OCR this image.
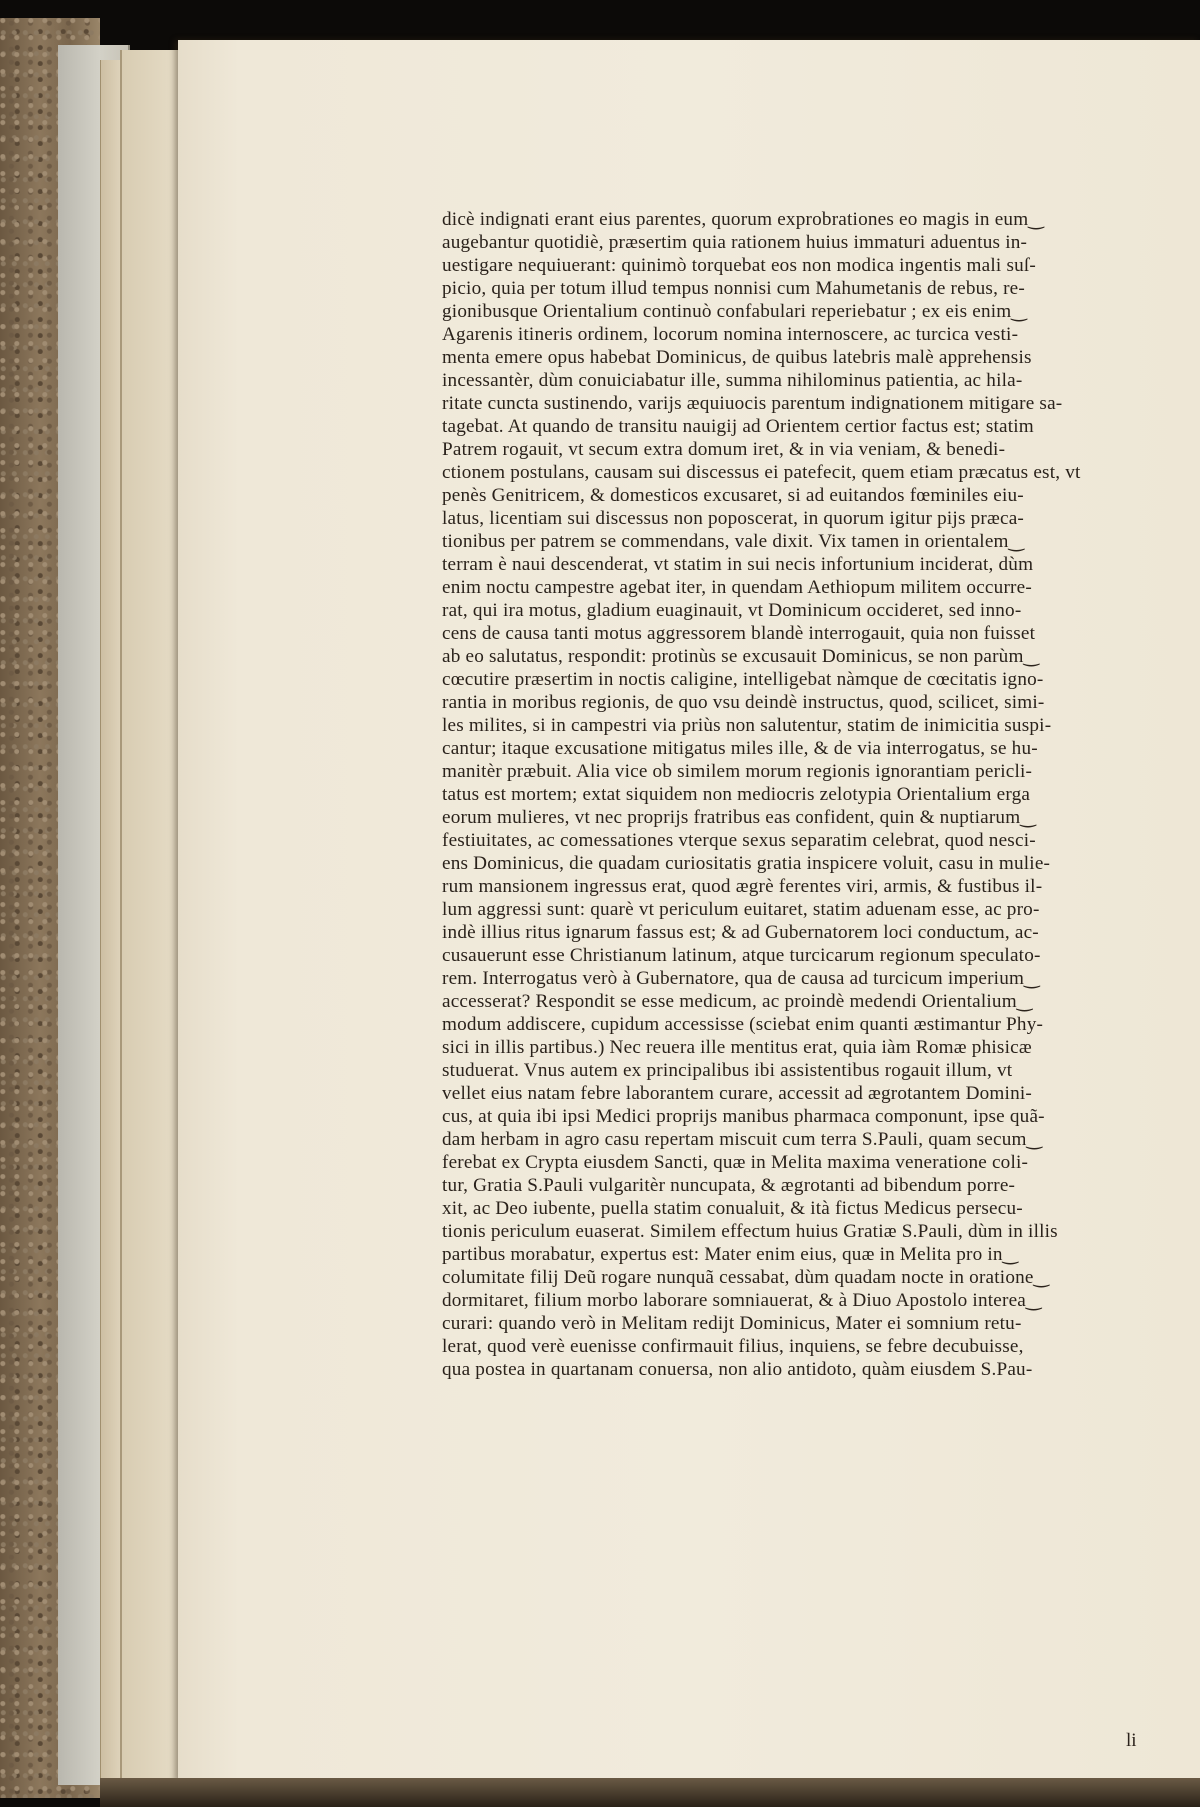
dicè indignati erant eius parentes, quorum exprobrationes eo magis in eum‿
augebantur quotidiè, præsertim quia rationem huius immaturi aduentus in-
uestigare nequiuerant: quinimò torquebat eos non modica ingentis mali suſ-
picio, quia per totum illud tempus nonnisi cum Mahumetanis de rebus, re-
gionibusque Orientalium continuò confabulari reperiebatur ; ex eis enim‿
Agarenis itineris ordinem, locorum nomina internoscere, ac turcica vesti-
menta emere opus habebat Dominicus, de quibus latebris malè apprehensis
incessantèr, dùm conuiciabatur ille, summa nihilominus patientia, ac hila-
ritate cuncta sustinendo, varijs æquiuocis parentum indignationem mitigare sa-
tagebat. At quando de transitu nauigij ad Orientem certior factus est; statim
Patrem rogauit, vt secum extra domum iret, & in via veniam, & benedi-
ctionem postulans, causam sui discessus ei patefecit, quem etiam præcatus est, vt
penès Genitricem, & domesticos excusaret, si ad euitandos fœminiles eiu-
latus, licentiam sui discessus non poposcerat, in quorum igitur pijs præca-
tionibus per patrem se commendans, vale dixit. Vix tamen in orientalem‿
terram è naui descenderat, vt statim in sui necis infortunium inciderat, dùm
enim noctu campestre agebat iter, in quendam Aethiopum militem occurre-
rat, qui ira motus, gladium euaginauit, vt Dominicum occideret, sed inno-
cens de causa tanti motus aggressorem blandè interrogauit, quia non fuisset
ab eo salutatus, respondit: protinùs se excusauit Dominicus, se non parùm‿
cœcutire præsertim in noctis caligine, intelligebat nàmque de cœcitatis igno-
rantia in moribus regionis, de quo vsu deindè instructus, quod, scilicet, simi-
les milites, si in campestri via priùs non salutentur, statim de inimicitia suspi-
cantur; itaque excusatione mitigatus miles ille, & de via interrogatus, se hu-
manitèr præbuit. Alia vice ob similem morum regionis ignorantiam pericli-
tatus est mortem; extat siquidem non mediocris zelotypia Orientalium erga
eorum mulieres, vt nec proprijs fratribus eas confident, quin & nuptiarum‿
festiuitates, ac comessationes vterque sexus separatim celebrat, quod nesci-
ens Dominicus, die quadam curiositatis gratia inspicere voluit, casu in mulie-
rum mansionem ingressus erat, quod ægrè ferentes viri, armis, & fustibus il-
lum aggressi sunt: quarè vt periculum euitaret, statim aduenam esse, ac pro-
indè illius ritus ignarum fassus est; & ad Gubernatorem loci conductum, ac-
cusauerunt esse Christianum latinum, atque turcicarum regionum speculato-
rem. Interrogatus verò à Gubernatore, qua de causa ad turcicum imperium‿
accesserat? Respondit se esse medicum, ac proindè medendi Orientalium‿
modum addiscere, cupidum accessisse (sciebat enim quanti æstimantur Phy-
sici in illis partibus.) Nec reuera ille mentitus erat, quia iàm Romæ phisicæ
studuerat. Vnus autem ex principalibus ibi assistentibus rogauit illum, vt
vellet eius natam febre laborantem curare, accessit ad ægrotantem Domini-
cus, at quia ibi ipsi Medici proprijs manibus pharmaca componunt, ipse quã-
dam herbam in agro casu repertam miscuit cum terra S.Pauli, quam secum‿
ferebat ex Crypta eiusdem Sancti, quæ in Melita maxima veneratione coli-
tur, Gratia S.Pauli vulgaritèr nuncupata, & ægrotanti ad bibendum porre-
xit, ac Deo iubente, puella statim conualuit, & ità fictus Medicus persecu-
tionis periculum euaserat. Similem effectum huius Gratiæ S.Pauli, dùm in illis
partibus morabatur, expertus est: Mater enim eius, quæ in Melita pro in‿
columitate filij Deũ rogare nunquã cessabat, dùm quadam nocte in oratione‿
dormitaret, filium morbo laborare somniauerat, & à Diuo Apostolo interea‿
curari: quando verò in Melitam redijt Dominicus, Mater ei somnium retu-
lerat, quod verè euenisse confirmauit filius, inquiens, se febre decubuisse,
qua postea in quartanam conuersa, non alio antidoto, quàm eiusdem S.Pau-
li
